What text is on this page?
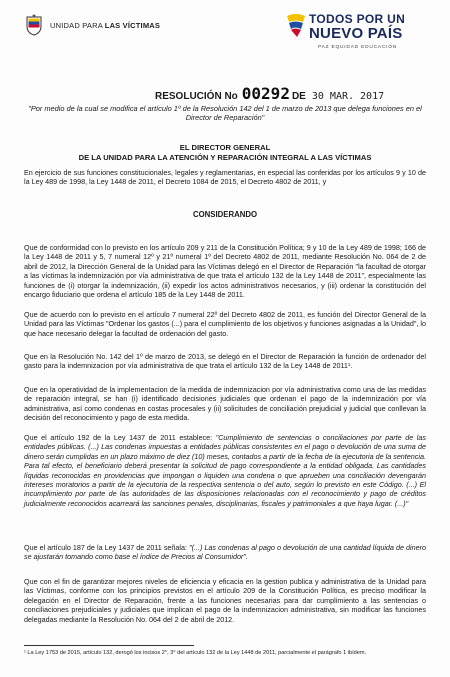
UNIDAD PARA LAS VÍCTIMAS	TODOS POR UN
NUEVO PAÍS
PAZ EQUIDAD EDUCACIÓN
RESOLUCIÓN No 00292 DE 30 MAR. 2017
"Por medio de la cual se modifica el artículo 1º de la Resolución 142 del 1 de marzo de 2013 que delega funciones en el Director de Reparación"
EL DIRECTOR GENERAL
DE LA UNIDAD PARA LA ATENCIÓN Y REPARACIÓN INTEGRAL A LAS VÍCTIMAS
En ejercicio de sus funciones constitucionales, legales y reglamentarias, en especial las conferidas por los artículos 9 y 10 de la Ley 489 de 1998, la Ley 1448 de 2011, el Decreto 1084 de 2015, el Decreto 4802 de 2011, y
CONSIDERANDO
Que de conformidad con lo previsto en los artículo 209 y 211 de la Constitución Política; 9 y 10 de la Ley 489 de 1998; 166 de la Ley 1448 de 2011 y 5, 7 numeral 12º y 21º numeral 1º del Decreto 4802 de 2011, mediante Resolución No. 064 de 2 de abril de 2012, la Dirección General de la Unidad para las Víctimas delegó en el Director de Reparación "la facultad de otorgar a las víctimas la indemnización por vía administrativa de que trata el artículo 132 de la Ley 1448 de 2011", especialmente las funciones de (i) otorgar la indemnización, (ii) expedir los actos administrativos necesarios, y (iii) ordenar la constitución del encargo fiduciario que ordena el artículo 185 de la Ley 1448 de 2011.
Que de acuerdo con lo previsto en el artículo 7 numeral 22º del Decreto 4802 de 2011, es función del Director General de la Unidad para las Víctimas "Ordenar los gastos (...) para el cumplimiento de los objetivos y funciones asignadas a la Unidad", lo que hace necesario delegar la facultad de ordenación del gasto.
Que en la Resolución No. 142 del 1º de marzo de 2013, se delegó en el Director de Reparación la función de ordenador del gasto para la indemnizacion por vía administrativa de que trata el artículo 132 de la Ley 1448 de 2011¹.
Que en la operatividad de la implementacion de la medida de indemnizacion por vía administrativa como una de las medidas de reparación integral, se han (i) identificado decisiones judiciales que ordenan el pago de la indemnización por vía administrativa, así como condenas en costas procesales y (ii) solicitudes de conciliación prejudicial y judicial que conllevan la decisión del reconocimiento y pago de esta medida.
Que el artículo 192 de la Ley 1437 de 2011 establece: "Cumplimiento de sentencias o conciliaciones por parte de las entidades públicas. (...) Las condenas impuestas a entidades públicas consistentes en el pago o devolución de una suma de dinero serán cumplidas en un plazo máximo de diez (10) meses, contados a partir de la fecha de la ejecutoria de la sentencia. Para tal efecto, el beneficiario deberá presentar la solicitud de pago correspondiente a la entidad obligada. Las cantidades líquidas reconocidas en providencias que impongan o liquiden una condena o que aprueben una conciliación devengarán intereses moratorios a partir de la ejecutoria de la respectiva sentencia o del auto, según lo previsto en este Código. (...) El incumplimiento por parte de las autoridades de las disposiciones relacionadas con el reconocimiento y pago de créditos judicialmente reconocidos acarreará las sanciones penales, disciplinarias, fiscales y patrimoniales a que haya lugar. (...)"
Que el artículo 187 de la Ley 1437 de 2011 señala: "(...) Las condenas al pago o devolución de una cantidad líquida de dinero se ajustarán tomando como base el índice de Precios al Consumidor".
Que con el fin de garantizar mejores niveles de eficiencia y eficacia en la gestion publica y administrativa de la Unidad para las Víctimas, conforme con los principios previstos en el artículo 209 de la Constitución Política, es preciso modificar la delegación en el Director de Reparación, frente a las funciones necesarias para dar cumplimiento a las sentencias o conciliaciones prejudiciales y judiciales que implican el pago de la indemnizacion administrativa, sin modificar las funciones delegadas mediante la Resolución No. 064 del 2 de abril de 2012.
¹ La Ley 1753 de 2015, artículo 132, derogó los incisos 2°, 3° del artículo 132 de la Ley 1448 de 2011, parcialmente el parágrafo 1 ibídem.
